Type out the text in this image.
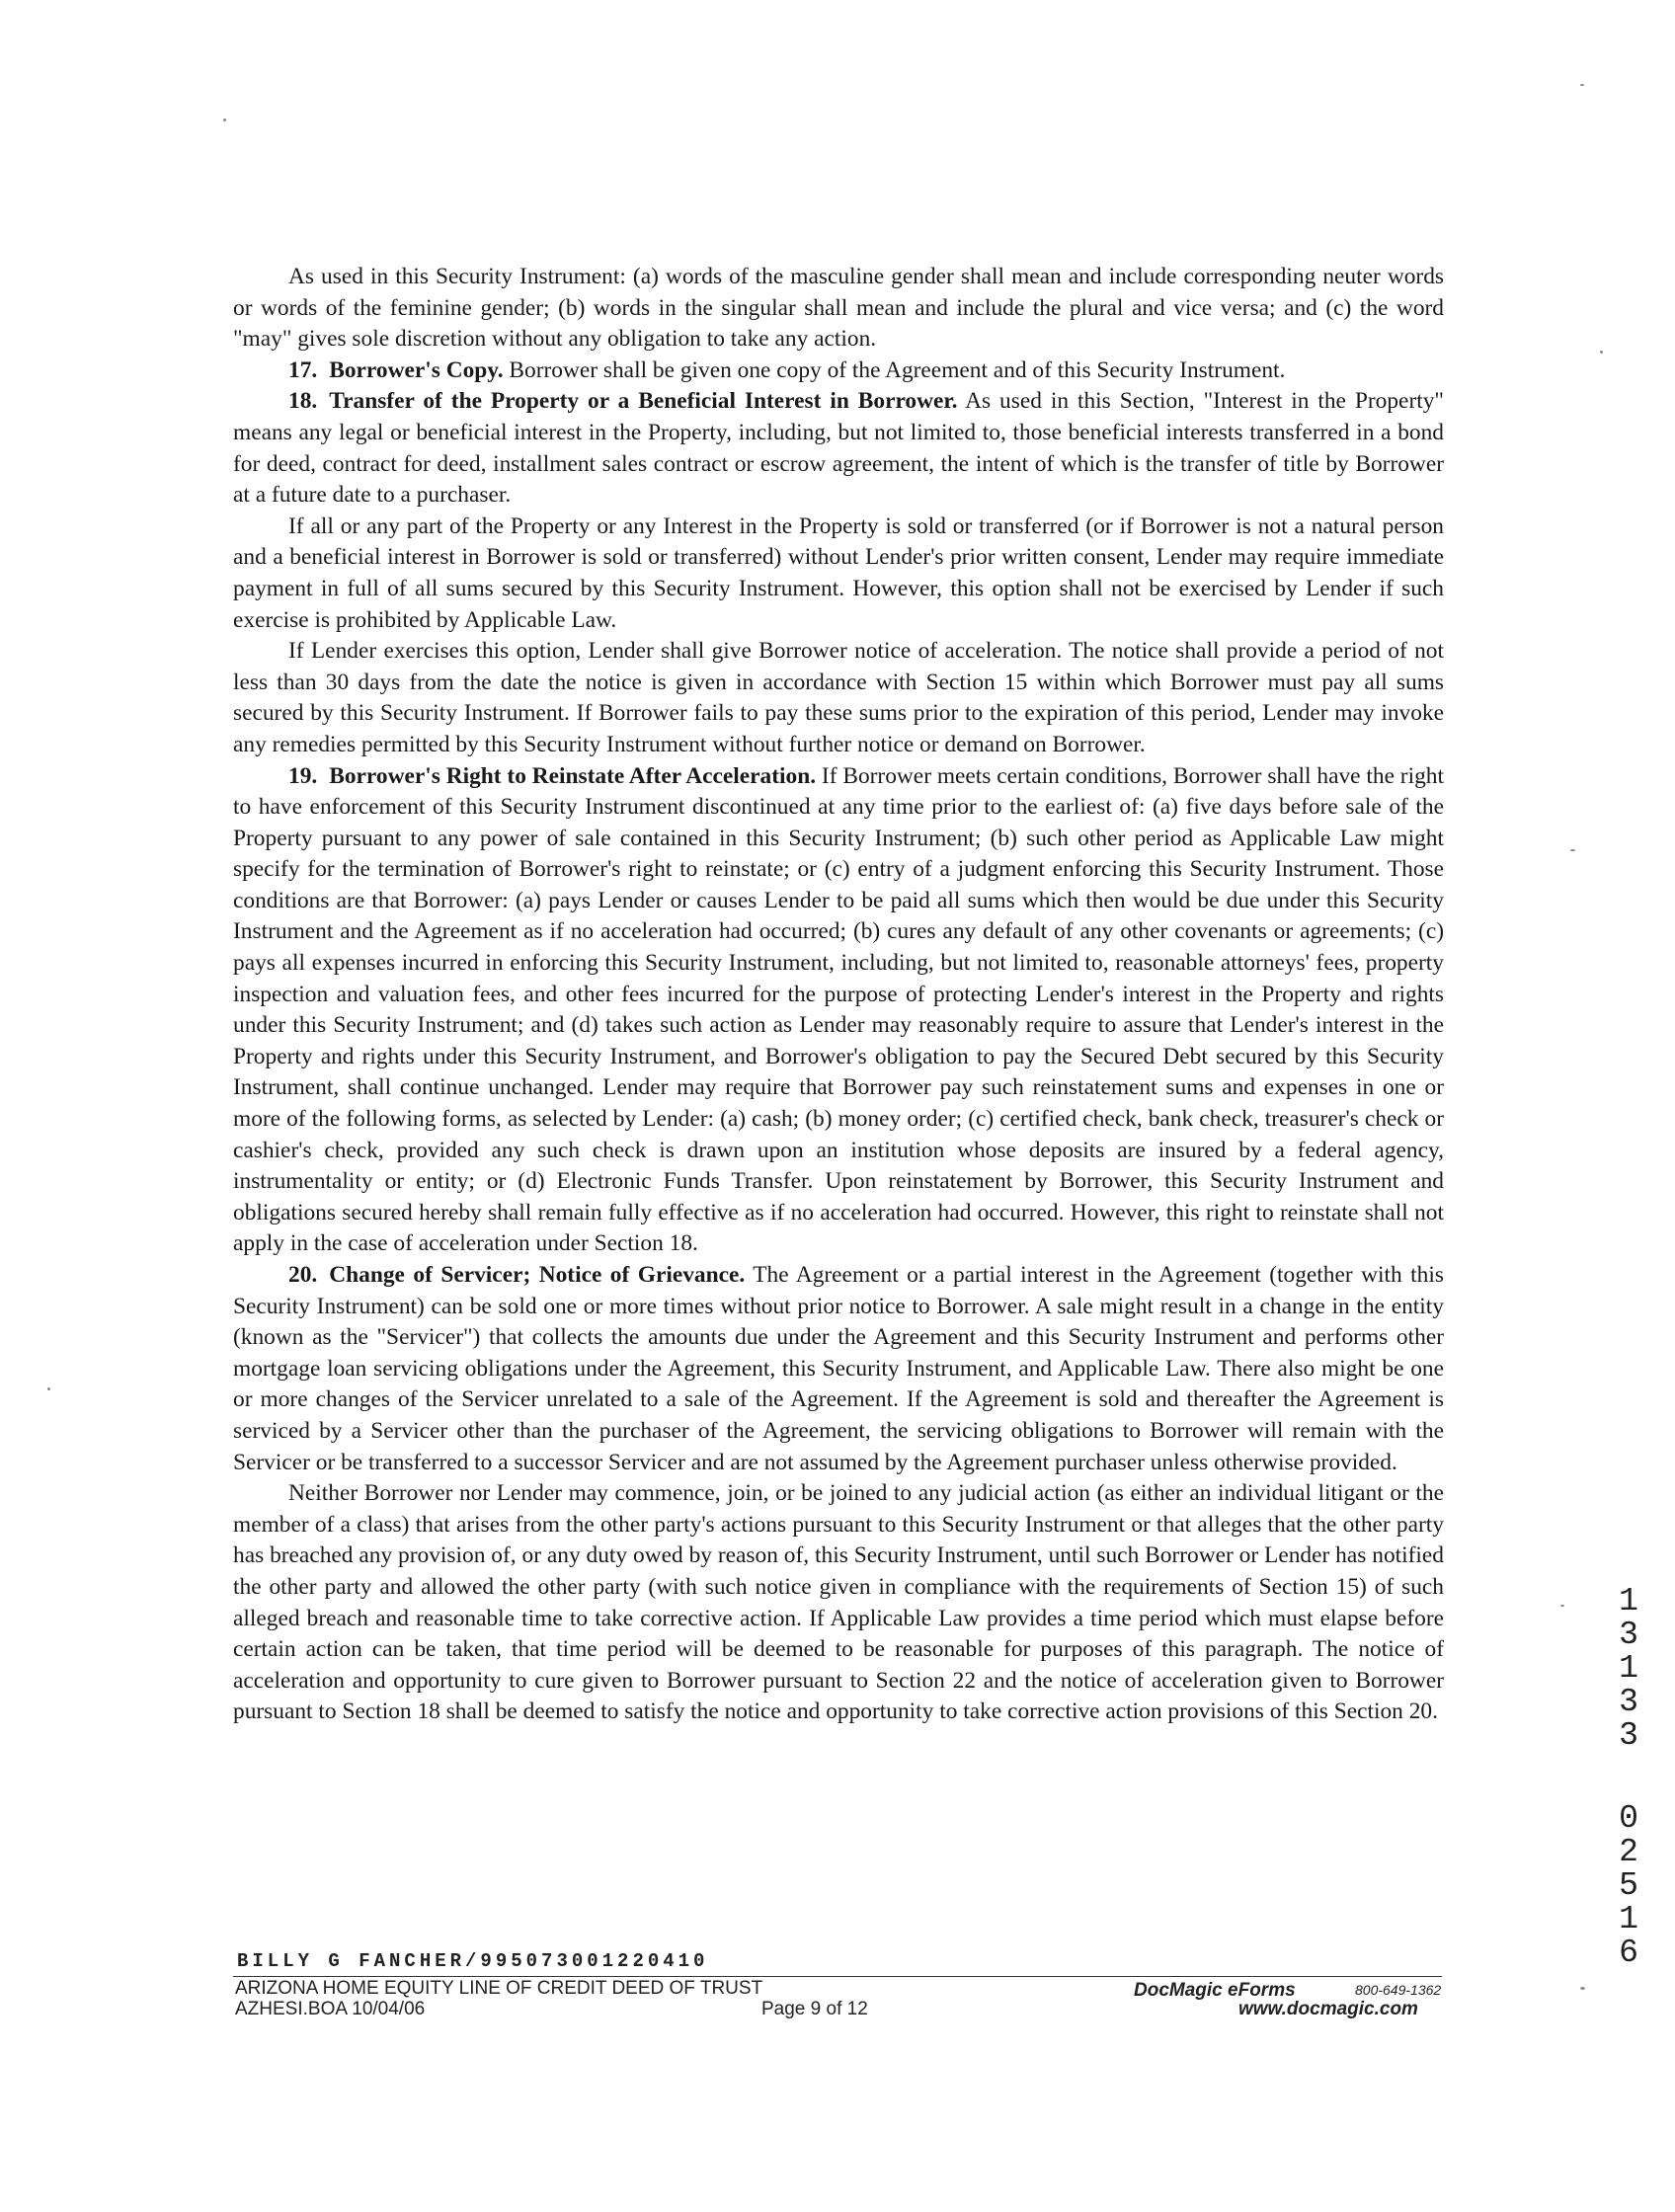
As used in this Security Instrument: (a) words of the masculine gender shall mean and include corresponding neuter words or words of the feminine gender; (b) words in the singular shall mean and include the plural and vice versa; and (c) the word "may" gives sole discretion without any obligation to take any action.

17. Borrower's Copy. Borrower shall be given one copy of the Agreement and of this Security Instrument.

18. Transfer of the Property or a Beneficial Interest in Borrower. As used in this Section, "Interest in the Property" means any legal or beneficial interest in the Property, including, but not limited to, those beneficial interests transferred in a bond for deed, contract for deed, installment sales contract or escrow agreement, the intent of which is the transfer of title by Borrower at a future date to a purchaser.

If all or any part of the Property or any Interest in the Property is sold or transferred (or if Borrower is not a natural person and a beneficial interest in Borrower is sold or transferred) without Lender's prior written consent, Lender may require immediate payment in full of all sums secured by this Security Instrument. However, this option shall not be exercised by Lender if such exercise is prohibited by Applicable Law.

If Lender exercises this option, Lender shall give Borrower notice of acceleration. The notice shall provide a period of not less than 30 days from the date the notice is given in accordance with Section 15 within which Borrower must pay all sums secured by this Security Instrument. If Borrower fails to pay these sums prior to the expiration of this period, Lender may invoke any remedies permitted by this Security Instrument without further notice or demand on Borrower.

19. Borrower's Right to Reinstate After Acceleration. If Borrower meets certain conditions, Borrower shall have the right to have enforcement of this Security Instrument discontinued at any time prior to the earliest of: (a) five days before sale of the Property pursuant to any power of sale contained in this Security Instrument; (b) such other period as Applicable Law might specify for the termination of Borrower's right to reinstate; or (c) entry of a judgment enforcing this Security Instrument. Those conditions are that Borrower: (a) pays Lender or causes Lender to be paid all sums which then would be due under this Security Instrument and the Agreement as if no acceleration had occurred; (b) cures any default of any other covenants or agreements; (c) pays all expenses incurred in enforcing this Security Instrument, including, but not limited to, reasonable attorneys' fees, property inspection and valuation fees, and other fees incurred for the purpose of protecting Lender's interest in the Property and rights under this Security Instrument; and (d) takes such action as Lender may reasonably require to assure that Lender's interest in the Property and rights under this Security Instrument, and Borrower's obligation to pay the Secured Debt secured by this Security Instrument, shall continue unchanged. Lender may require that Borrower pay such reinstatement sums and expenses in one or more of the following forms, as selected by Lender: (a) cash; (b) money order; (c) certified check, bank check, treasurer's check or cashier's check, provided any such check is drawn upon an institution whose deposits are insured by a federal agency, instrumentality or entity; or (d) Electronic Funds Transfer. Upon reinstatement by Borrower, this Security Instrument and obligations secured hereby shall remain fully effective as if no acceleration had occurred. However, this right to reinstate shall not apply in the case of acceleration under Section 18.

20. Change of Servicer; Notice of Grievance. The Agreement or a partial interest in the Agreement (together with this Security Instrument) can be sold one or more times without prior notice to Borrower. A sale might result in a change in the entity (known as the "Servicer") that collects the amounts due under the Agreement and this Security Instrument and performs other mortgage loan servicing obligations under the Agreement, this Security Instrument, and Applicable Law. There also might be one or more changes of the Servicer unrelated to a sale of the Agreement. If the Agreement is sold and thereafter the Agreement is serviced by a Servicer other than the purchaser of the Agreement, the servicing obligations to Borrower will remain with the Servicer or be transferred to a successor Servicer and are not assumed by the Agreement purchaser unless otherwise provided.

Neither Borrower nor Lender may commence, join, or be joined to any judicial action (as either an individual litigant or the member of a class) that arises from the other party's actions pursuant to this Security Instrument or that alleges that the other party has breached any provision of, or any duty owed by reason of, this Security Instrument, until such Borrower or Lender has notified the other party and allowed the other party (with such notice given in compliance with the requirements of Section 15) of such alleged breach and reasonable time to take corrective action. If Applicable Law provides a time period which must elapse before certain action can be taken, that time period will be deemed to be reasonable for purposes of this paragraph. The notice of acceleration and opportunity to cure given to Borrower pursuant to Section 22 and the notice of acceleration given to Borrower pursuant to Section 18 shall be deemed to satisfy the notice and opportunity to take corrective action provisions of this Section 20.

1
3
1
3
3
0
2
5
1
6
BILLY G FANCHER/995073001220410
ARIZONA HOME EQUITY LINE OF CREDIT DEED OF TRUST
AZHESI.BOA 10/04/06	Page 9 of 12
DocMagic eForms	800-649-1362
www.docmagic.com
